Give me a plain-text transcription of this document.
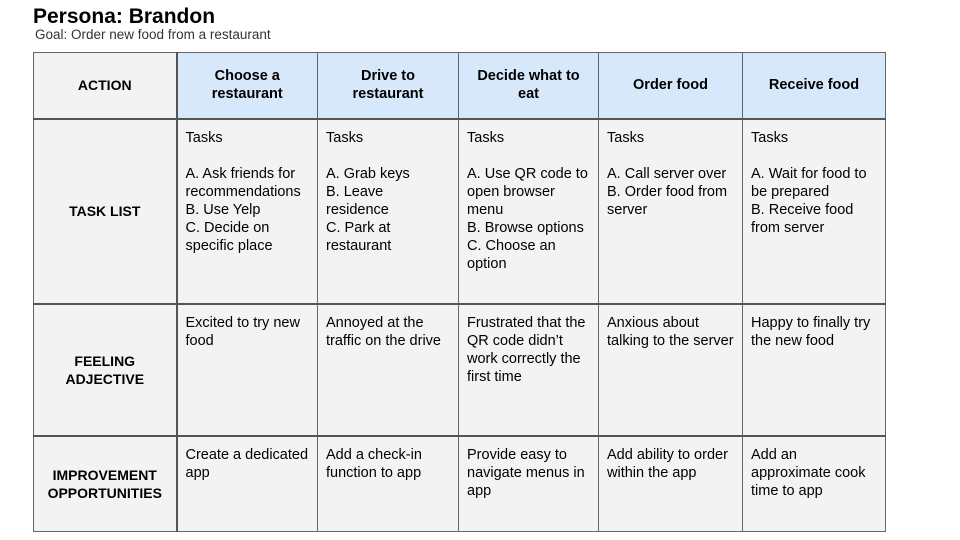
Persona: Brandon
Goal: Order new food from a restaurant
ACTION	Choose a restaurant	Drive to restaurant	Decide what to eat	Order food	Receive food
TASK LIST	Tasks

A. Ask friends for recommendations
B. Use Yelp
C. Decide on specific place	Tasks

A. Grab keys
B. Leave residence
C. Park at restaurant	Tasks

A. Use QR code to open browser menu
B. Browse options
C. Choose an option	Tasks

A. Call server over
B. Order food from server	Tasks

A. Wait for food to be prepared
B. Receive food from server
FEELING ADJECTIVE	Excited to try new food	Annoyed at the traffic on the drive	Frustrated that the QR code didn’t work correctly the first time	Anxious about talking to the server	Happy to finally try the new food
IMPROVEMENT OPPORTUNITIES	Create a dedicated app	Add a check-in function to app	Provide easy to navigate menus in app	Add ability to order within the app	Add an approximate cook time to app
